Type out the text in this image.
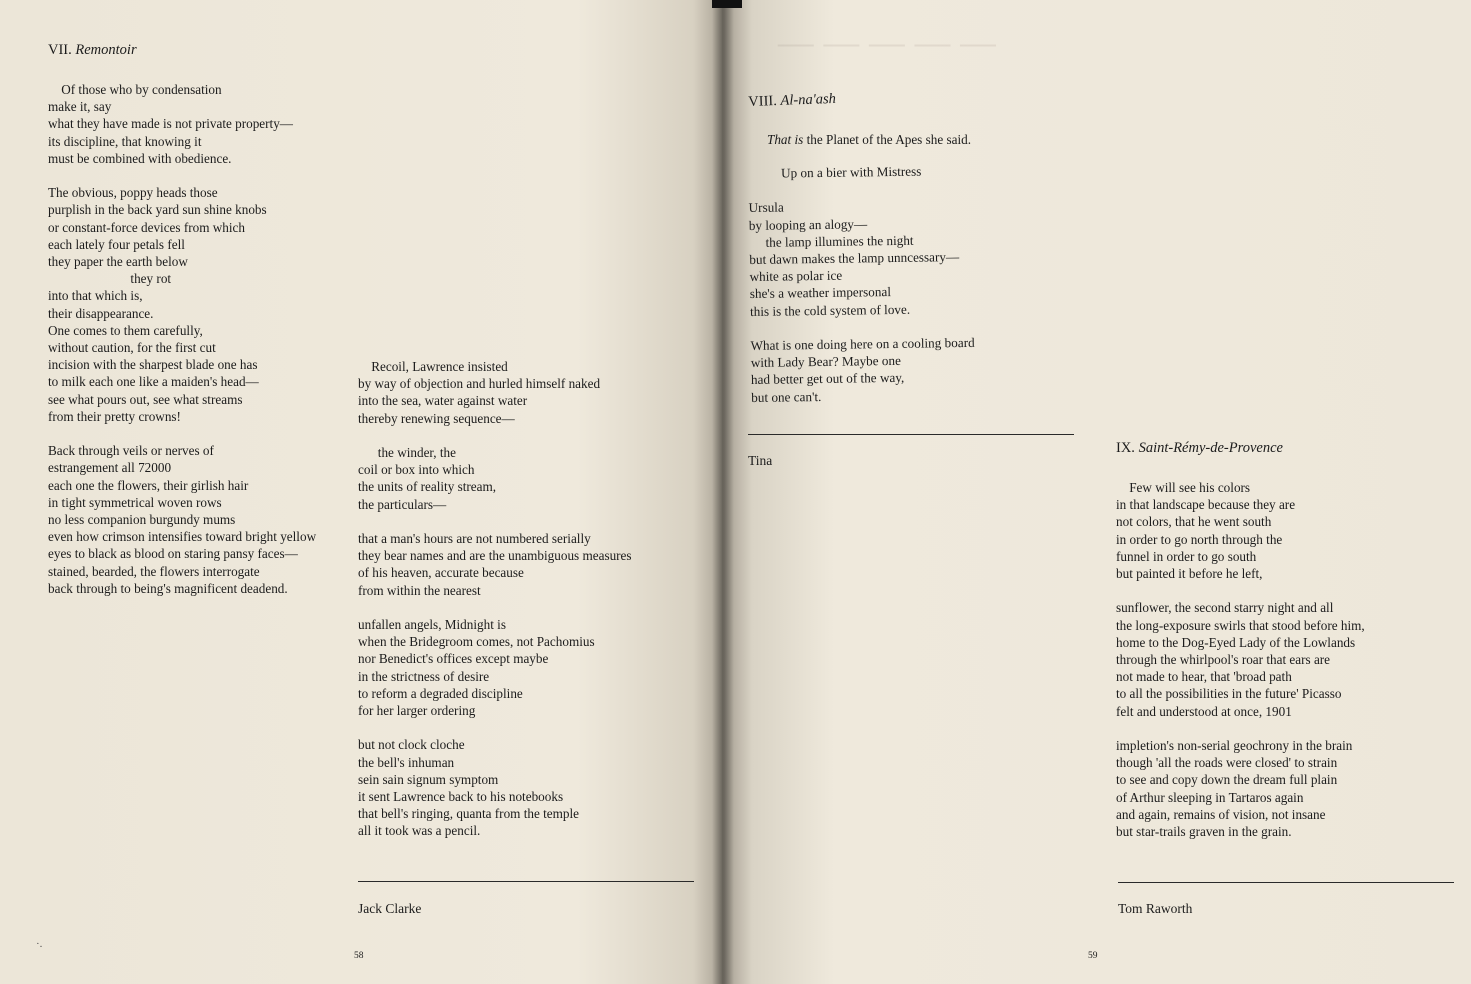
VII. Remontoir
Of those who by condensation
make it, say
what they have made is not private property—
its discipline, that knowing it
must be combined with obedience.

The obvious, poppy heads those
purplish in the back yard sun shine knobs
or constant-force devices from which
each lately four petals fell
they paper the earth below
they rot
into that which is,
their disappearance.
One comes to them carefully,
without caution, for the first cut
incision with the sharpest blade one has
to milk each one like a maiden's head—
see what pours out, see what streams
from their pretty crowns!

Back through veils or nerves of
estrangement all 72000
each one the flowers, their girlish hair
in tight symmetrical woven rows
no less companion burgundy mums
even how crimson intensifies toward bright yellow
eyes to black as blood on staring pansy faces—
stained, bearded, the flowers interrogate
back through to being's magnificent deadend.
Recoil, Lawrence insisted
by way of objection and hurled himself naked
into the sea, water against water
thereby renewing sequence—

the winder, the
coil or box into which
the units of reality stream,
the particulars—

that a man's hours are not numbered serially
they bear names and are the unambiguous measures
of his heaven, accurate because
from within the nearest

unfallen angels, Midnight is
when the Bridegroom comes, not Pachomius
nor Benedict's offices except maybe
in the strictness of desire
to reform a degraded discipline
for her larger ordering

but not clock cloche
the bell's inhuman
sein sain signum symptom
it sent Lawrence back to his notebooks
that bell's ringing, quanta from the temple
all it took was a pencil.
Jack Clarke
58
·.
— — — — —
VIII. Al-na'ash
That is the Planet of the Apes she said.
Up on a bier with Mistress

Ursula
by looping an alogy—
the lamp illumines the night
but dawn makes the lamp unncessary—
white as polar ice
she's a weather impersonal
this is the cold system of love.

What is one doing here on a cooling board
with Lady Bear? Maybe one
had better get out of the way,
but one can't.
Tina
IX. Saint-Rémy-de-Provence
Few will see his colors
in that landscape because they are
not colors, that he went south
in order to go north through the
funnel in order to go south
but painted it before he left,

sunflower, the second starry night and all
the long-exposure swirls that stood before him,
home to the Dog-Eyed Lady of the Lowlands
through the whirlpool's roar that ears are
not made to hear, that 'broad path
to all the possibilities in the future' Picasso
felt and understood at once, 1901

impletion's non-serial geochrony in the brain
though 'all the roads were closed' to strain
to see and copy down the dream full plain
of Arthur sleeping in Tartaros again
and again, remains of vision, not insane
but star-trails graven in the grain.
Tom Raworth
59
